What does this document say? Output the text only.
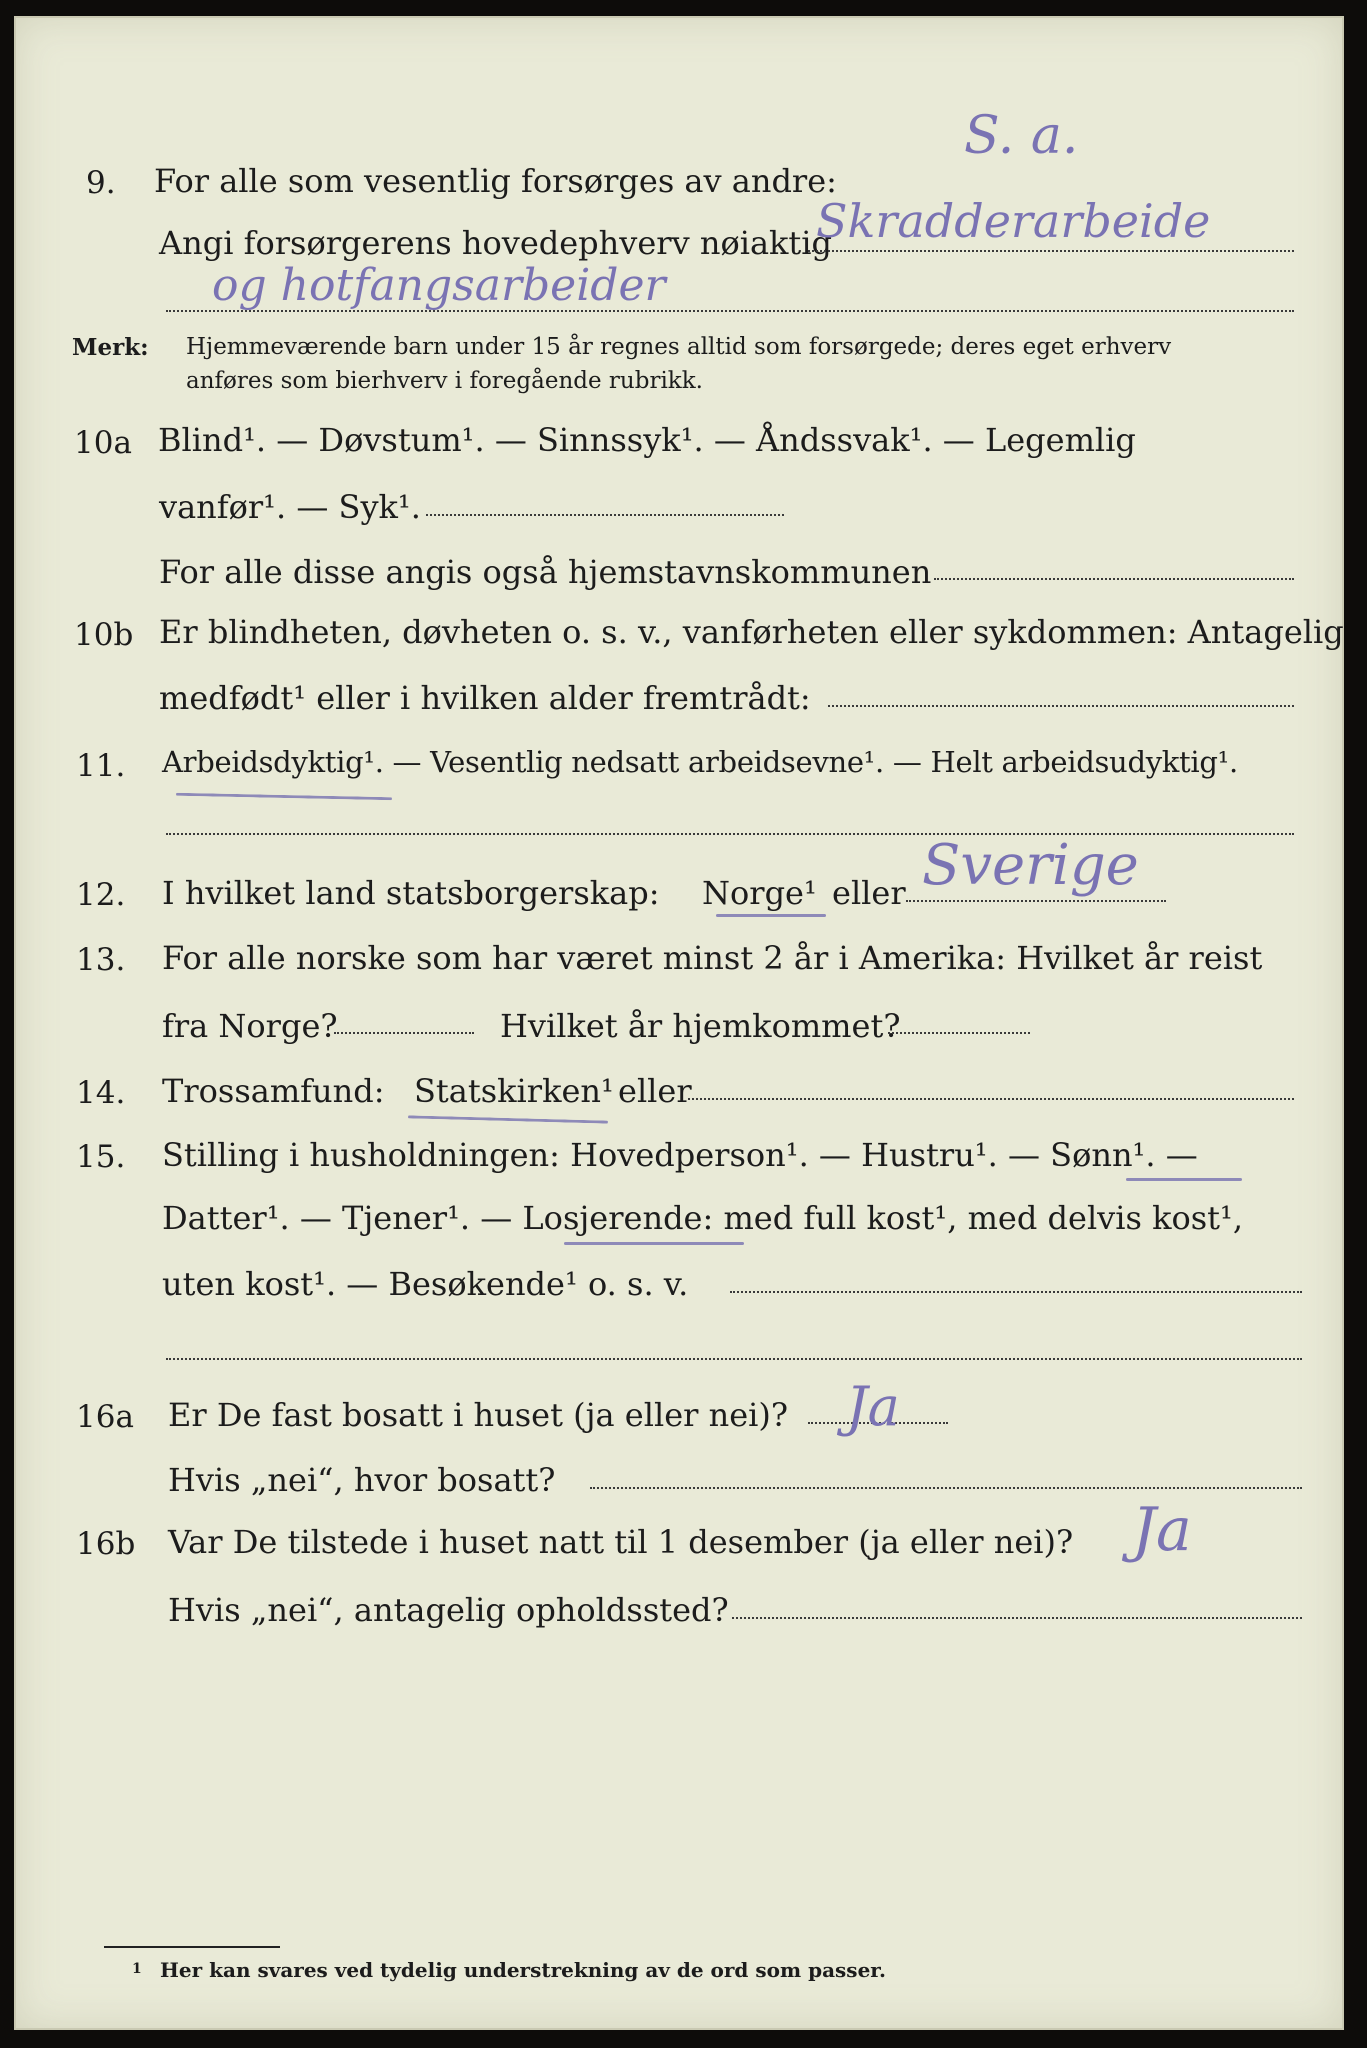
S. a.
9. For alle som vesentlig forsørges av andre:
Angi forsørgerens hovedерhverv nøiaktig
Skradderarbeide
og hotfangsarbeider
Merk: Hjemmeværende barn under 15 år regnes alltid som forsørgede; deres eget erhverv
anføres som bierhverv i foregående rubrikk.
10a Blind¹. — Døvstum¹. — Sinnssyk¹. — Åndssvak¹. — Legemlig
vanfør¹. — Syk¹.
For alle disse angis også hjemstavnskommunen
10b Er blindheten, døvheten o. s. v., vanførheten eller sykdommen: Antagelig
medfødt¹ eller i hvilken alder fremtrådt:
11. Arbeidsdyktig¹. — Vesentlig nedsatt arbeidsevne¹. — Helt arbeidsudyktig¹.
12. I hvilket land statsborgerskap: Norge¹ eller Sverige
13. For alle norske som har været minst 2 år i Amerika: Hvilket år reist
fra Norge?	Hvilket år hjemkommet?
14. Trossamfund: Statskirken¹ eller
15. Stilling i husholdningen: Hovedperson¹. — Hustru¹. — Sønn¹. —
Datter¹. — Tjener¹. — Losjerende: med full kost¹, med delvis kost¹,
uten kost¹. — Besøkende¹ o. s. v.
16a Er De fast bosatt i huset (ja eller nei)? Ja
Hvis „nei“, hvor bosatt?
16b Var De tilstede i huset natt til 1 desember (ja eller nei)? Ja
Hvis „nei“, antagelig opholdssted?
1 Her kan svares ved tydelig understrekning av de ord som passer.
